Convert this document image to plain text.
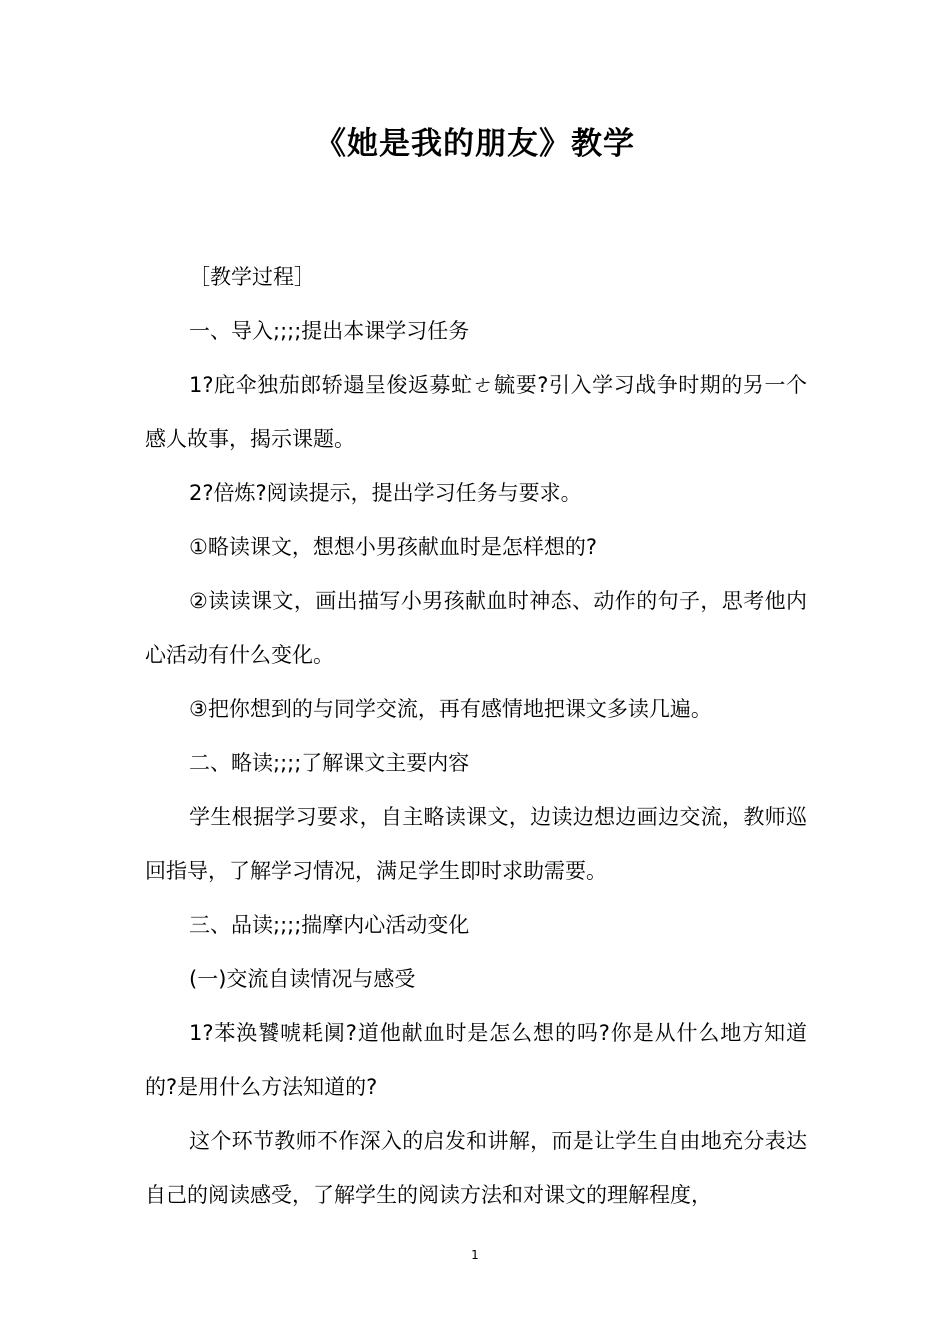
《她是我的朋友》教学

［教学过程］

一、导入;;;;提出本课学习任务

1?庇伞独茄郎轿遢呈俊返募虻ㄜ毓要?引入学习战争时期的另一个感人故事，揭示课题。

2?倍炼?阅读提示，提出学习任务与要求。

①略读课文，想想小男孩献血时是怎样想的?

②读读课文，画出描写小男孩献血时神态、动作的句子，思考他内心活动有什么变化。

③把你想到的与同学交流，再有感情地把课文多读几遍。

二、略读;;;;了解课文主要内容

学生根据学习要求，自主略读课文，边读边想边画边交流，教师巡回指导，了解学习情况，满足学生即时求助需要。

三、品读;;;;揣摩内心活动变化

(一)交流自读情况与感受

1?苯涣饕唬耗阒?道他献血时是怎么想的吗?你是从什么地方知道的?是用什么方法知道的?

这个环节教师不作深入的启发和讲解，而是让学生自由地充分表达自己的阅读感受，了解学生的阅读方法和对课文的理解程度，

1
